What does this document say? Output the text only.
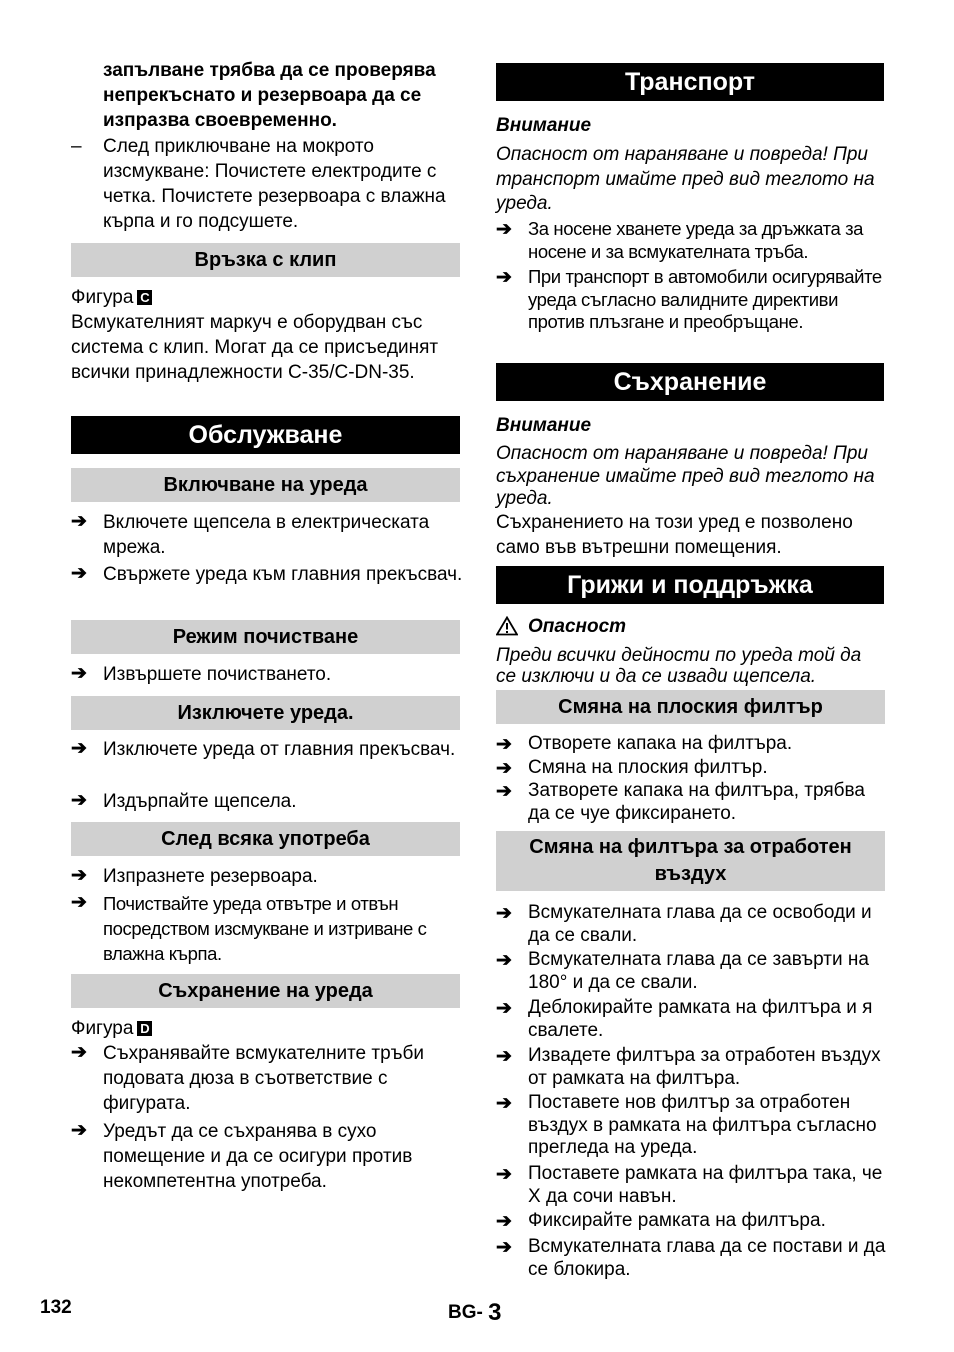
запълване трябва да се проверява непрекъснато и резервоара да се изпразва своевременно.
– След приключване на мокрото изсмукване: Почистете електродите с четка. Почистете резервоара с влажна кърпа и го подсушете.
Връзка с клип
Фигура C
Всмукателният маркуч е оборудван със система с клип. Могат да се присъединят всички принадлежности C-35/C-DN-35.
Обслужване
Включване на уреда
➔ Включете щепсела в електрическата мрежа.
➔ Свържете уреда към главния прекъсвач.
Режим почистване
➔ Извършете почистването.
Изключете уреда.
➔ Изключете уреда от главния прекъсвач.
➔ Издърпайте щепсела.
След всяка употреба
➔ Изпразнете резервоара.
➔ Почиствайте уреда отвътре и отвън посредством изсмукване и изтриване с влажна кърпа.
Съхранение на уреда
Фигура D
➔ Съхранявайте всмукателните тръби подовата дюза в съответствие с фигурата.
➔ Уредът да се съхранява в сухо помещение и да се осигури против некомпетентна употреба.
Транспорт
Внимание
Опасност от нараняване и повреда! При транспорт имайте пред вид теглото на уреда.
➔ За носене хванете уреда за дръжката за носене и за всмукателната тръба.
➔ При транспорт в автомобили осигурявайте уреда съгласно валидните директиви против плъзгане и преобръщане.
Съхранение
Внимание
Опасност от нараняване и повреда! При съхранение имайте пред вид теглото на уреда.
Съхранението на този уред е позволено само във вътрешни помещения.
Грижи и поддръжка
Опасност
Преди всички дейности по уреда той да се изключи и да се извади щепсела.
Смяна на плоския филтър
➔ Отворете капака на филтъра.
➔ Смяна на плоския филтър.
➔ Затворете капака на филтъра, трябва да се чуе фиксирането.
Смяна на филтъра за отработен въздух
➔ Всмукателната глава да се освободи и да се свали.
➔ Всмукателната глава да се завърти на 180° и да се свали.
➔ Деблокирайте рамката на филтъра и я свалете.
➔ Извадете филтъра за отработен въздух от рамката на филтъра.
➔ Поставете нов филтър за отработен въздух в рамката на филтъра съгласно прегледа на уреда.
➔ Поставете рамката на филтъра така, че Х да сочи навън.
➔ Фиксирайте рамката на филтъра.
➔ Всмукателната глава да се постави и да се блокира.
132	BG- 3
